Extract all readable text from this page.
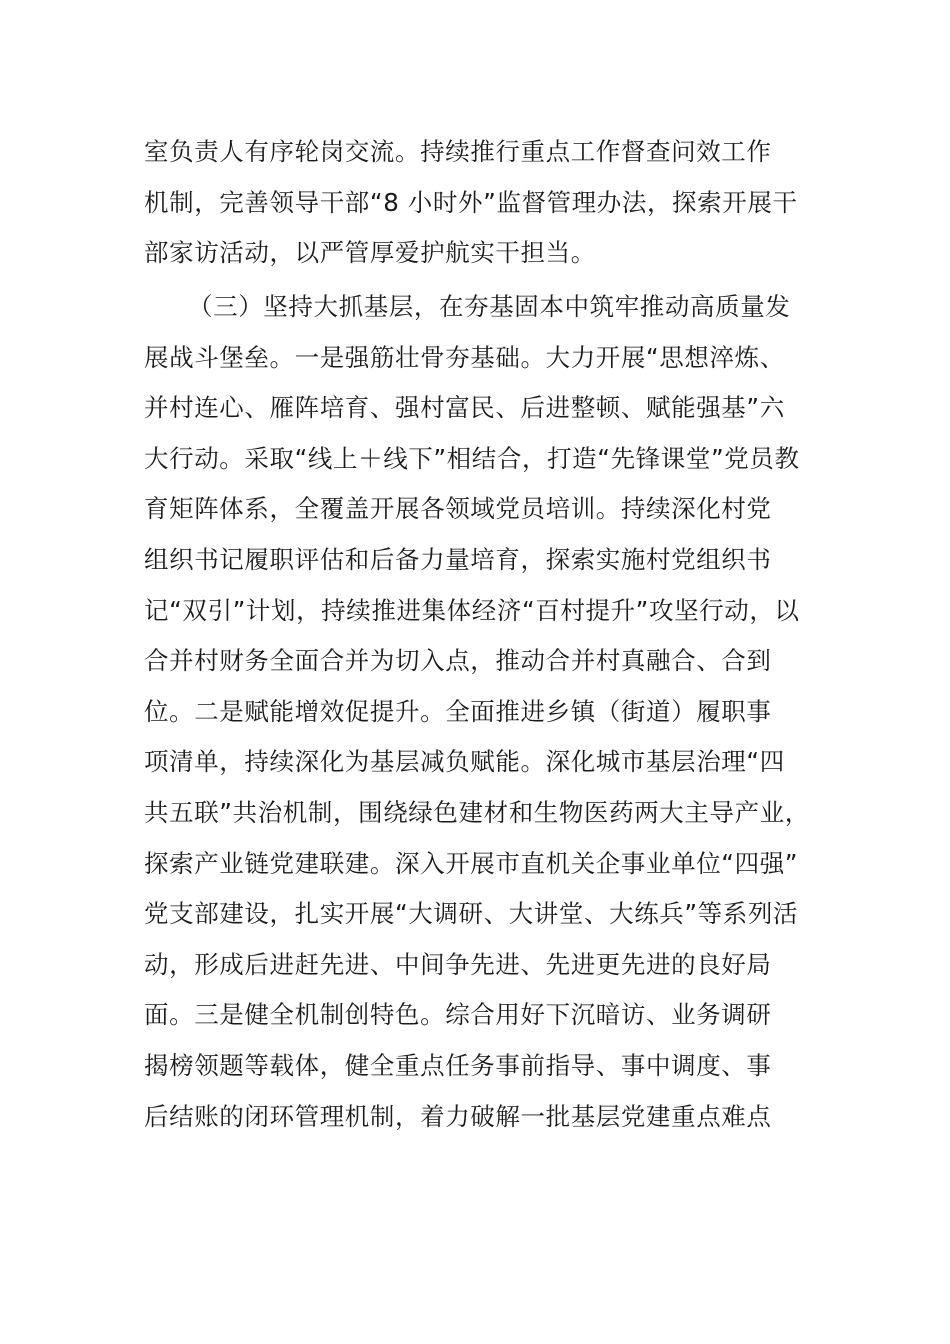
室负责人有序轮岗交流。持续推行重点工作督查问效工作
机制，完善领导干部“8 小时外”监督管理办法，探索开展干
部家访活动，以严管厚爱护航实干担当。
（三）坚持大抓基层，在夯基固本中筑牢推动高质量发
展战斗堡垒。一是强筋壮骨夯基础。大力开展“思想淬炼、
并村连心、雁阵培育、强村富民、后进整顿、赋能强基”六
大行动。采取“线上＋线下”相结合，打造“先锋课堂”党员教
育矩阵体系，全覆盖开展各领域党员培训。持续深化村党
组织书记履职评估和后备力量培育，探索实施村党组织书
记“双引”计划，持续推进集体经济“百村提升”攻坚行动，以
合并村财务全面合并为切入点，推动合并村真融合、合到
位。二是赋能增效促提升。全面推进乡镇（街道）履职事
项清单，持续深化为基层减负赋能。深化城市基层治理“四
共五联”共治机制，围绕绿色建材和生物医药两大主导产业，
探索产业链党建联建。深入开展市直机关企事业单位“四强”
党支部建设，扎实开展“大调研、大讲堂、大练兵”等系列活
动，形成后进赶先进、中间争先进、先进更先进的良好局
面。三是健全机制创特色。综合用好下沉暗访、业务调研
揭榜领题等载体，健全重点任务事前指导、事中调度、事
后结账的闭环管理机制，着力破解一批基层党建重点难点
